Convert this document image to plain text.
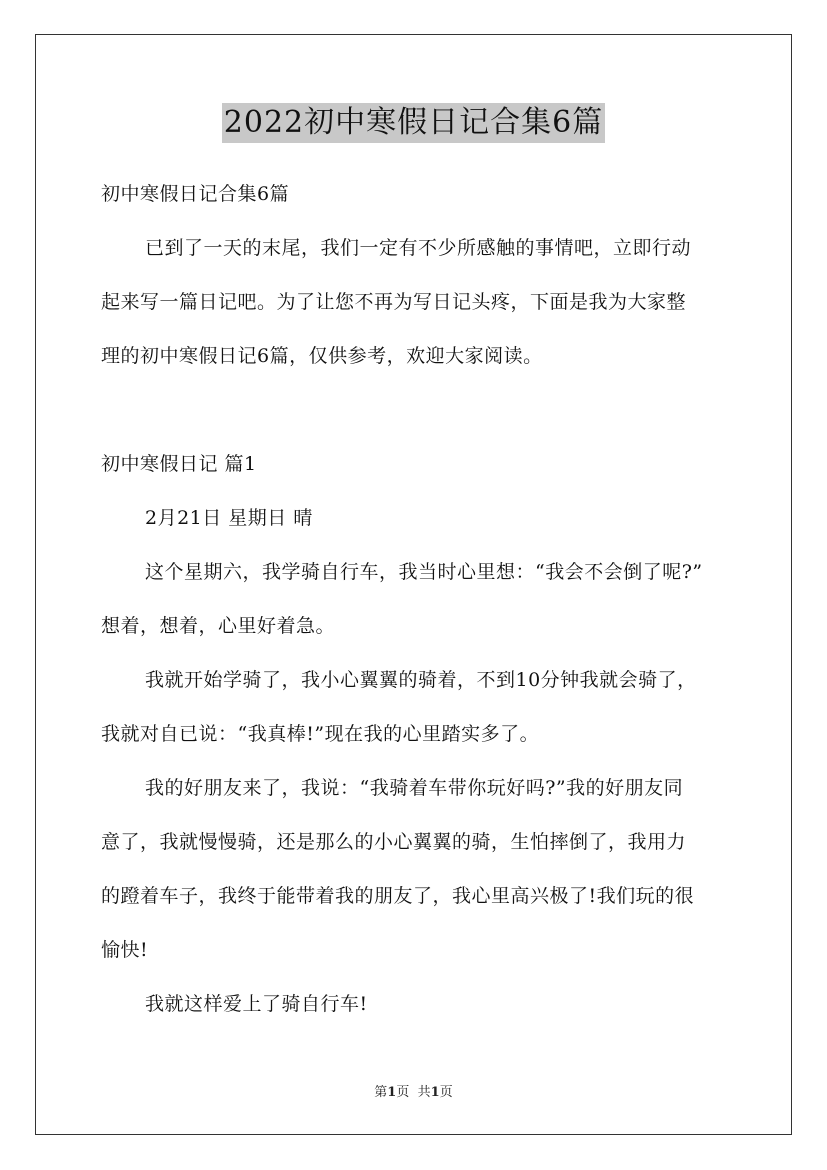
2022初中寒假日记合集6篇
初中寒假日记合集6篇
已到了一天的末尾，我们一定有不少所感触的事情吧，立即行动
起来写一篇日记吧。为了让您不再为写日记头疼，下面是我为大家整
理的初中寒假日记6篇，仅供参考，欢迎大家阅读。
初中寒假日记 篇1
2月21日 星期日 晴
这个星期六，我学骑自行车，我当时心里想：“我会不会倒了呢?”
想着，想着，心里好着急。
我就开始学骑了，我小心翼翼的骑着，不到10分钟我就会骑了，
我就对自已说：“我真棒!”现在我的心里踏实多了。
我的好朋友来了，我说：“我骑着车带你玩好吗?”我的好朋友同
意了，我就慢慢骑，还是那么的小心翼翼的骑，生怕摔倒了，我用力
的蹬着车子，我终于能带着我的朋友了，我心里高兴极了!我们玩的很
愉快!
我就这样爱上了骑自行车!
第1页 共1页
